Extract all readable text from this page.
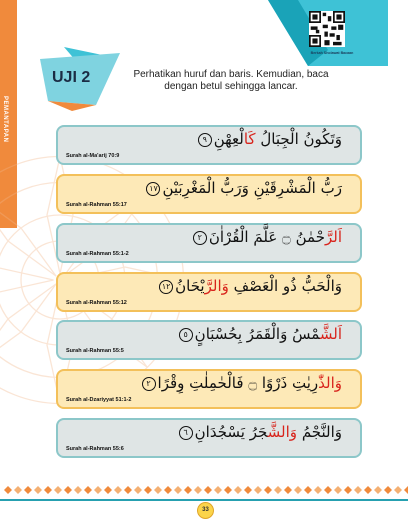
PEMANTAPAN
Berkah Sholawat Bacaan
UJI 2	Perhatikan huruf dan baris. Kemudian, baca dengan betul sehingga lancar.
وَتَكُونُ الْجِبَالُ كَالْعِهْنِ٩
Surah al-Ma'arij 70:9
رَبُّ الْمَشْرِقَيْنِ وَرَبُّ الْمَغْرِبَيْنِ١٧
Surah al-Rahman 55:17
اَلرَّحْمٰنُ ۝ عَلَّمَ الْقُرْاٰنَ٢
Surah al-Rahman 55:1-2
وَالْحَبُّ ذُو الْعَصْفِ وَالرَّيْحَانُ١٢
Surah al-Rahman 55:12
اَلشَّمْسُ وَالْقَمَرُ بِحُسْبَانٍ٥
Surah al-Rahman 55:5
وَالذّٰرِيٰتِ ذَرْوًا ۝ فَالْحٰمِلٰتِ وِقْرًا٢
Surah al-Dzariyyat 51:1-2
وَالنَّجْمُ وَالشَّجَرُ يَسْجُدَانِ٦
Surah al-Rahman 55:6
33
